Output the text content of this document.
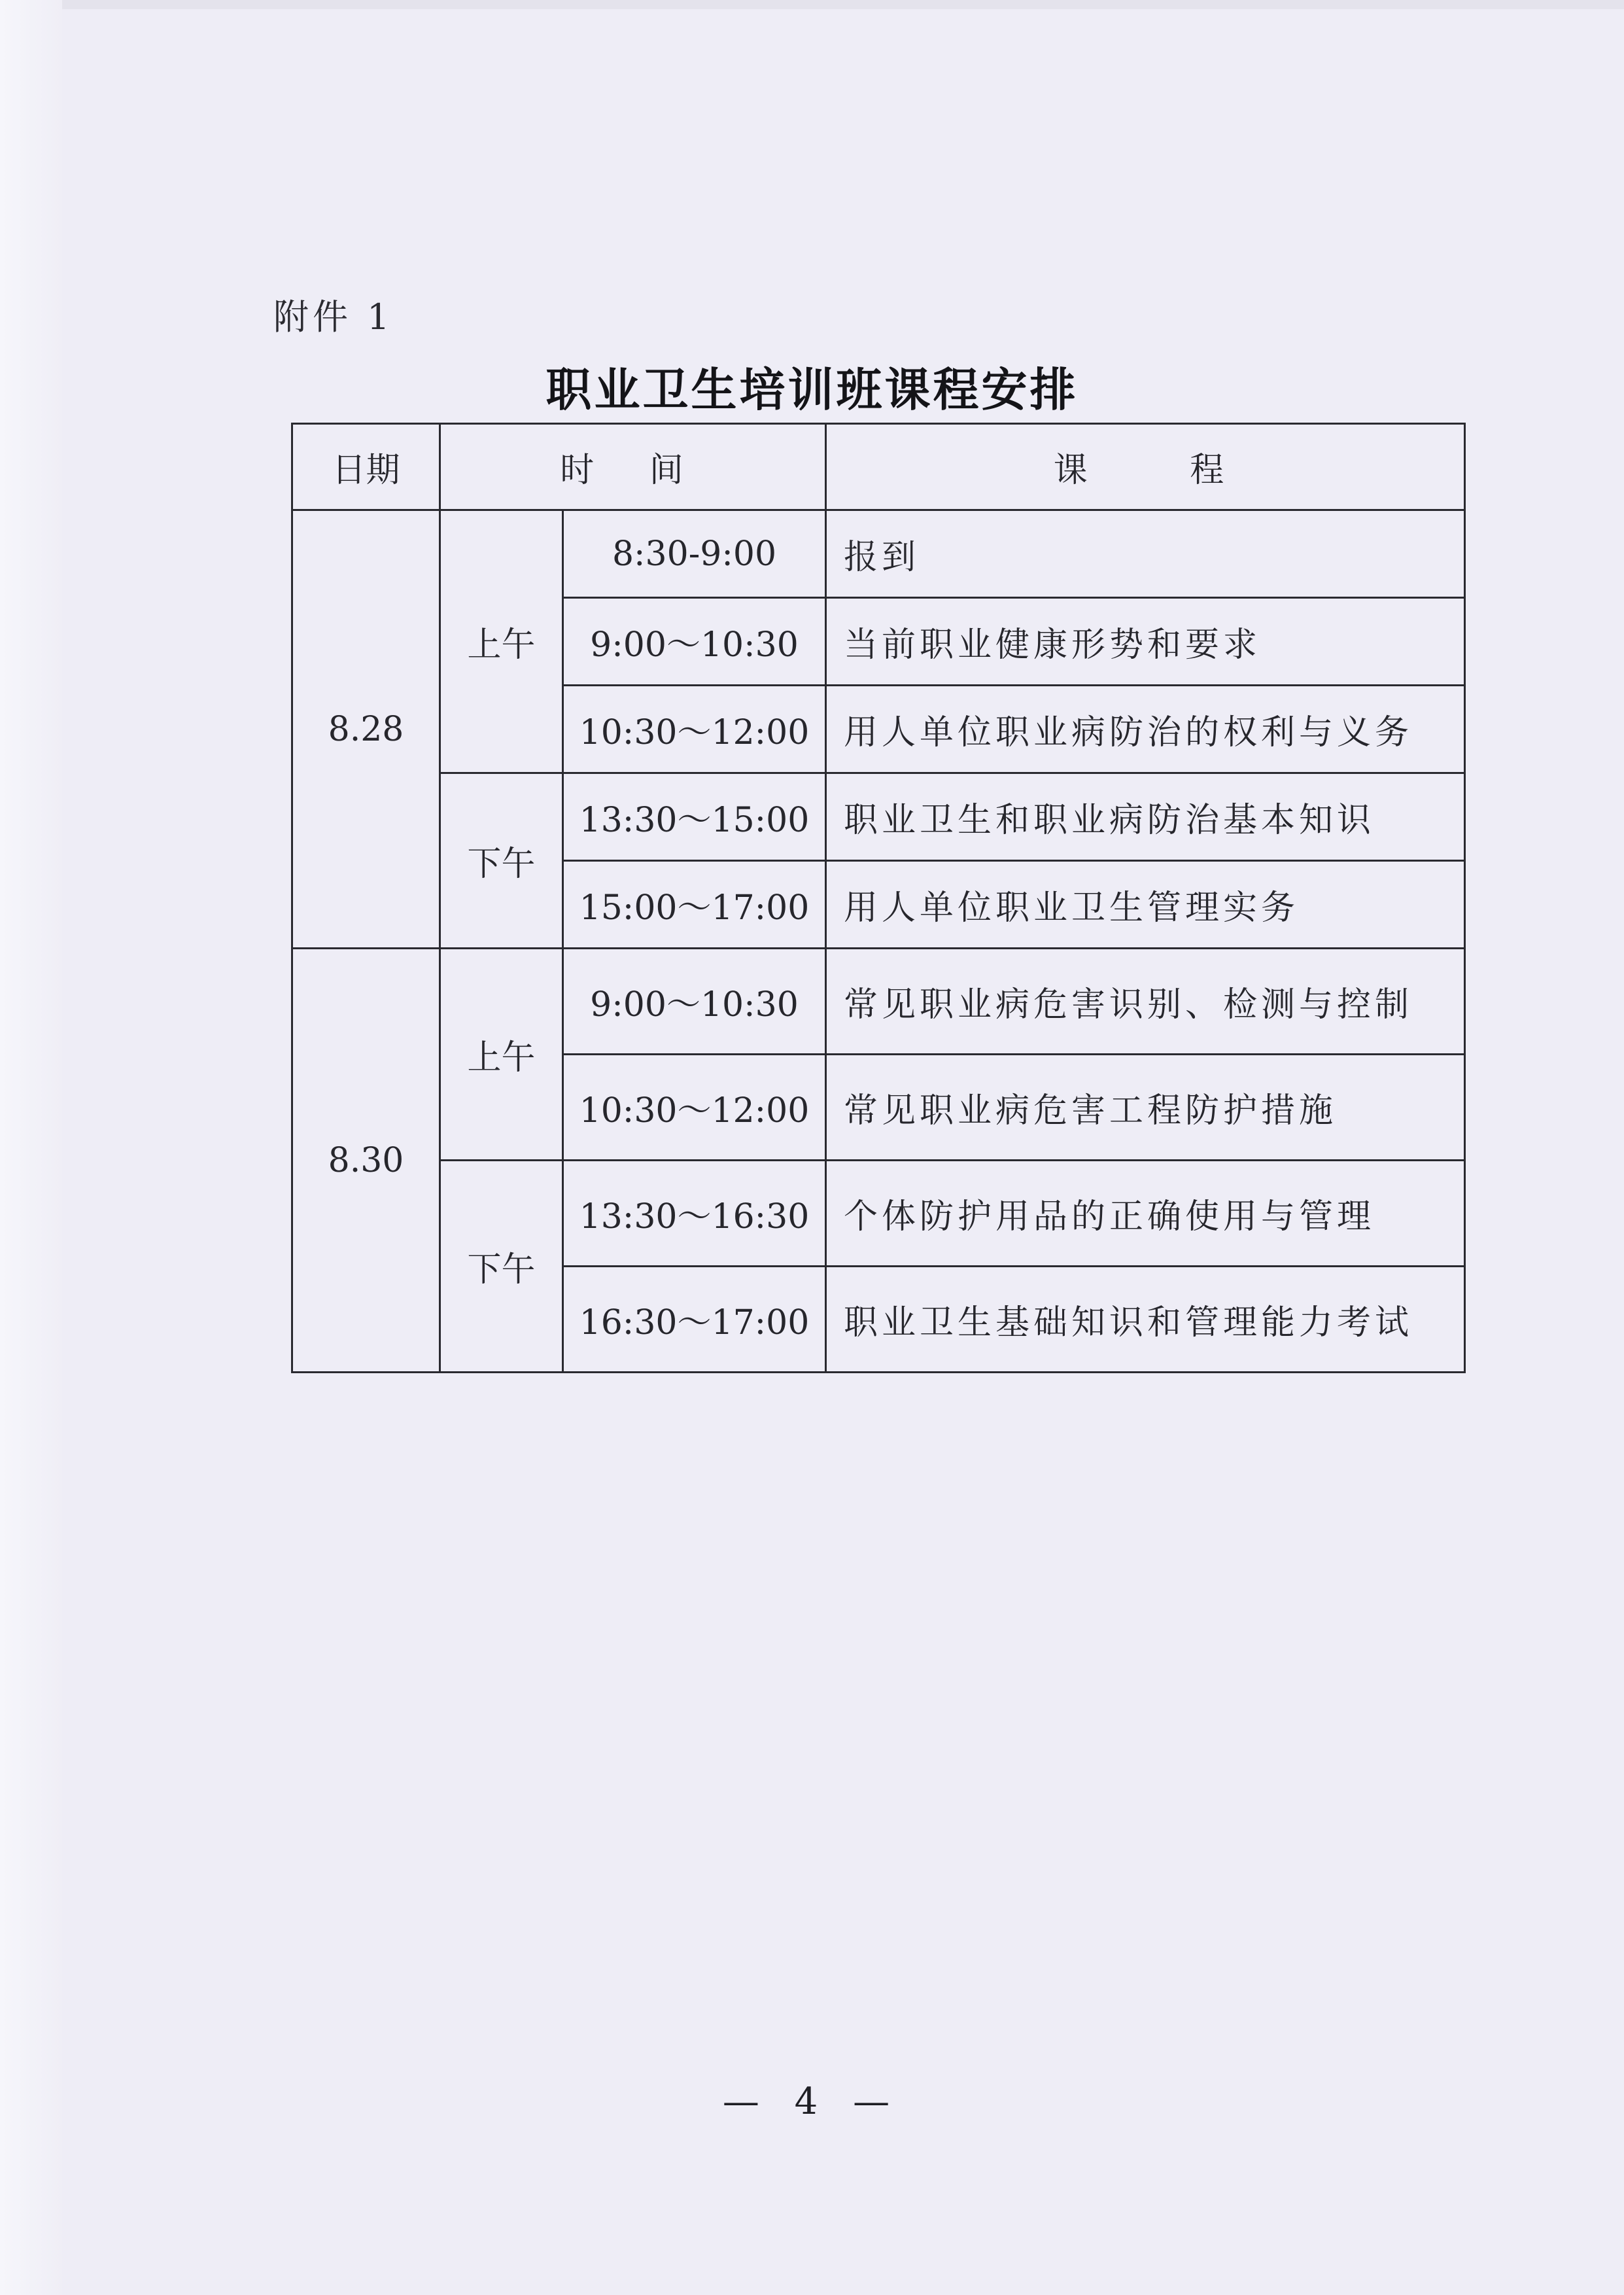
附件 1
职业卫生培训班课程安排
日期	时 间		课 程
8.28	上午	8:30-9:00	报到
		9:00～10:30	当前职业健康形势和要求
		10:30～12:00	用人单位职业病防治的权利与义务
	下午	13:30～15:00	职业卫生和职业病防治基本知识
		15:00～17:00	用人单位职业卫生管理实务
8.30	上午	9:00～10:30	常见职业病危害识别、检测与控制
		10:30～12:00	常见职业病危害工程防护措施
	下午	13:30～16:30	个体防护用品的正确使用与管理
		16:30～17:00	职业卫生基础知识和管理能力考试
— 4 —
